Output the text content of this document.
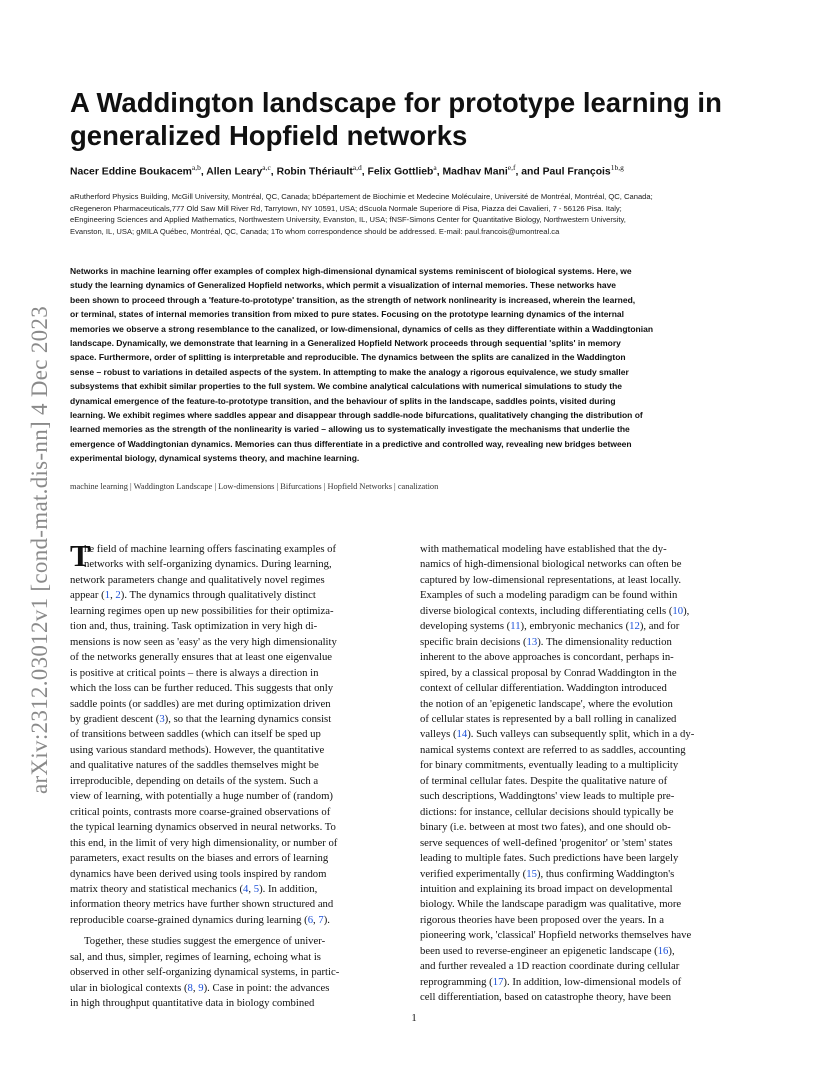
arXiv:2312.03012v1 [cond-mat.dis-nn] 4 Dec 2023
A Waddington landscape for prototype learning in
generalized Hopfield networks
Nacer Eddine Boukacem$^{a,b}$, Allen Leary$^{a,c}$, Robin Thériault$^{a,d}$, Felix Gottlieb$^a$, Madhav Mani$^{e,f}$, and Paul François$^{1b,g}$
aRutherford Physics Building, McGill University, Montréal, QC, Canada; bDépartement de Biochimie et Medecine Moléculaire, Université de Montréal, Montréal, QC, Canada;
cRegeneron Pharmaceuticals,777 Old Saw Mill River Rd, Tarrytown, NY 10591, USA; dScuola Normale Superiore di Pisa, Piazza dei Cavalieri, 7 - 56126 Pisa. Italy;
eEngineering Sciences and Applied Mathematics, Northwestern University, Evanston, IL, USA; fNSF-Simons Center for Quantitative Biology, Northwestern University,
Evanston, IL, USA; gMILA Québec, Montréal, QC, Canada; 1To whom correspondence should be addressed. E-mail: paul.francois@umontreal.ca
Networks in machine learning offer examples of complex high-dimensional dynamical systems reminiscent of biological systems. Here, we
study the learning dynamics of Generalized Hopfield networks, which permit a visualization of internal memories. These networks have
been shown to proceed through a 'feature-to-prototype' transition, as the strength of network nonlinearity is increased, wherein the learned,
or terminal, states of internal memories transition from mixed to pure states. Focusing on the prototype learning dynamics of the internal
memories we observe a strong resemblance to the canalized, or low-dimensional, dynamics of cells as they differentiate within a Waddingtonian
landscape. Dynamically, we demonstrate that learning in a Generalized Hopfield Network proceeds through sequential 'splits' in memory
space. Furthermore, order of splitting is interpretable and reproducible. The dynamics between the splits are canalized in the Waddington
sense – robust to variations in detailed aspects of the system. In attempting to make the analogy a rigorous equivalence, we study smaller
subsystems that exhibit similar properties to the full system. We combine analytical calculations with numerical simulations to study the
dynamical emergence of the feature-to-prototype transition, and the behaviour of splits in the landscape, saddles points, visited during
learning. We exhibit regimes where saddles appear and disappear through saddle-node bifurcations, qualitatively changing the distribution of
learned memories as the strength of the nonlinearity is varied – allowing us to systematically investigate the mechanisms that underlie the
emergence of Waddingtonian dynamics. Memories can thus differentiate in a predictive and controlled way, revealing new bridges between
experimental biology, dynamical systems theory, and machine learning.
machine learning | Waddington Landscape | Low-dimensions | Bifurcations | Hopfield Networks | canalization
T
he field of machine learning offers fascinating examples of
networks with self-organizing dynamics. During learning,
network parameters change and qualitatively novel regimes
appear (1, 2). The dynamics through qualitatively distinct
learning regimes open up new possibilities for their optimiza-
tion and, thus, training. Task optimization in very high di-
mensions is now seen as 'easy' as the very high dimensionality
of the networks generally ensures that at least one eigenvalue
is positive at critical points – there is always a direction in
which the loss can be further reduced. This suggests that only
saddle points (or saddles) are met during optimization driven
by gradient descent (3), so that the learning dynamics consist
of transitions between saddles (which can itself be sped up
using various standard methods). However, the quantitative
and qualitative natures of the saddles themselves might be
irreproducible, depending on details of the system. Such a
view of learning, with potentially a huge number of (random)
critical points, contrasts more coarse-grained observations of
the typical learning dynamics observed in neural networks. To
this end, in the limit of very high dimensionality, or number of
parameters, exact results on the biases and errors of learning
dynamics have been derived using tools inspired by random
matrix theory and statistical mechanics (4, 5). In addition,
information theory metrics have further shown structured and
reproducible coarse-grained dynamics during learning (6, 7).
Together, these studies suggest the emergence of univer-
sal, and thus, simpler, regimes of learning, echoing what is
observed in other self-organizing dynamical systems, in partic-
ular in biological contexts (8, 9). Case in point: the advances
in high throughput quantitative data in biology combined
with mathematical modeling have established that the dy-
namics of high-dimensional biological networks can often be
captured by low-dimensional representations, at least locally.
Examples of such a modeling paradigm can be found within
diverse biological contexts, including differentiating cells (10),
developing systems (11), embryonic mechanics (12), and for
specific brain decisions (13). The dimensionality reduction
inherent to the above approaches is concordant, perhaps in-
spired, by a classical proposal by Conrad Waddington in the
context of cellular differentiation. Waddington introduced
the notion of an 'epigenetic landscape', where the evolution
of cellular states is represented by a ball rolling in canalized
valleys (14). Such valleys can subsequently split, which in a dy-
namical systems context are referred to as saddles, accounting
for binary commitments, eventually leading to a multiplicity
of terminal cellular fates. Despite the qualitative nature of
such descriptions, Waddingtons' view leads to multiple pre-
dictions: for instance, cellular decisions should typically be
binary (i.e. between at most two fates), and one should ob-
serve sequences of well-defined 'progenitor' or 'stem' states
leading to multiple fates. Such predictions have been largely
verified experimentally (15), thus confirming Waddington's
intuition and explaining its broad impact on developmental
biology. While the landscape paradigm was qualitative, more
rigorous theories have been proposed over the years. In a
pioneering work, 'classical' Hopfield networks themselves have
been used to reverse-engineer an epigenetic landscape (16),
and further revealed a 1D reaction coordinate during cellular
reprogramming (17). In addition, low-dimensional models of
cell differentiation, based on catastrophe theory, have been
1
